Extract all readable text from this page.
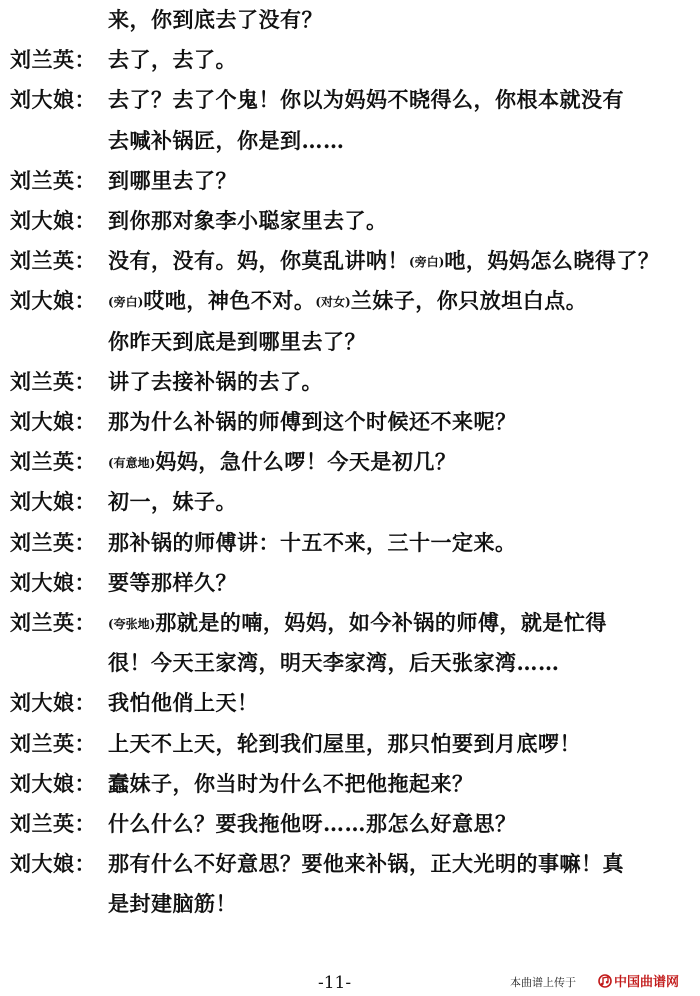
来，你到底去了没有？
刘兰英： 去了，去了。
刘大娘： 去了？去了个鬼！你以为妈妈不晓得么，你根本就没有
去喊补锅匠，你是到……
刘兰英： 到哪里去了？
刘大娘： 到你那对象李小聪家里去了。
刘兰英： 没有，没有。妈，你莫乱讲呐！(旁白)吔，妈妈怎么晓得了？
刘大娘： (旁白)哎吔，神色不对。(对女)兰妹子，你只放坦白点。
你昨天到底是到哪里去了？
刘兰英： 讲了去接补锅的去了。
刘大娘： 那为什么补锅的师傅到这个时候还不来呢？
刘兰英： (有意地)妈妈，急什么啰！今天是初几？
刘大娘： 初一，妹子。
刘兰英： 那补锅的师傅讲：十五不来，三十一定来。
刘大娘： 要等那样久？
刘兰英： (夸张地)那就是的喃，妈妈，如今补锅的师傅，就是忙得
很！今天王家湾，明天李家湾，后天张家湾……
刘大娘： 我怕他俏上天！
刘兰英： 上天不上天，轮到我们屋里，那只怕要到月底啰！
刘大娘： 蠢妹子，你当时为什么不把他拖起来？
刘兰英： 什么什么？要我拖他呀……那怎么好意思？
刘大娘： 那有什么不好意思？要他来补锅，正大光明的事嘛！真
是封建脑筋！
-11-	本曲谱上传于	中国曲谱网
